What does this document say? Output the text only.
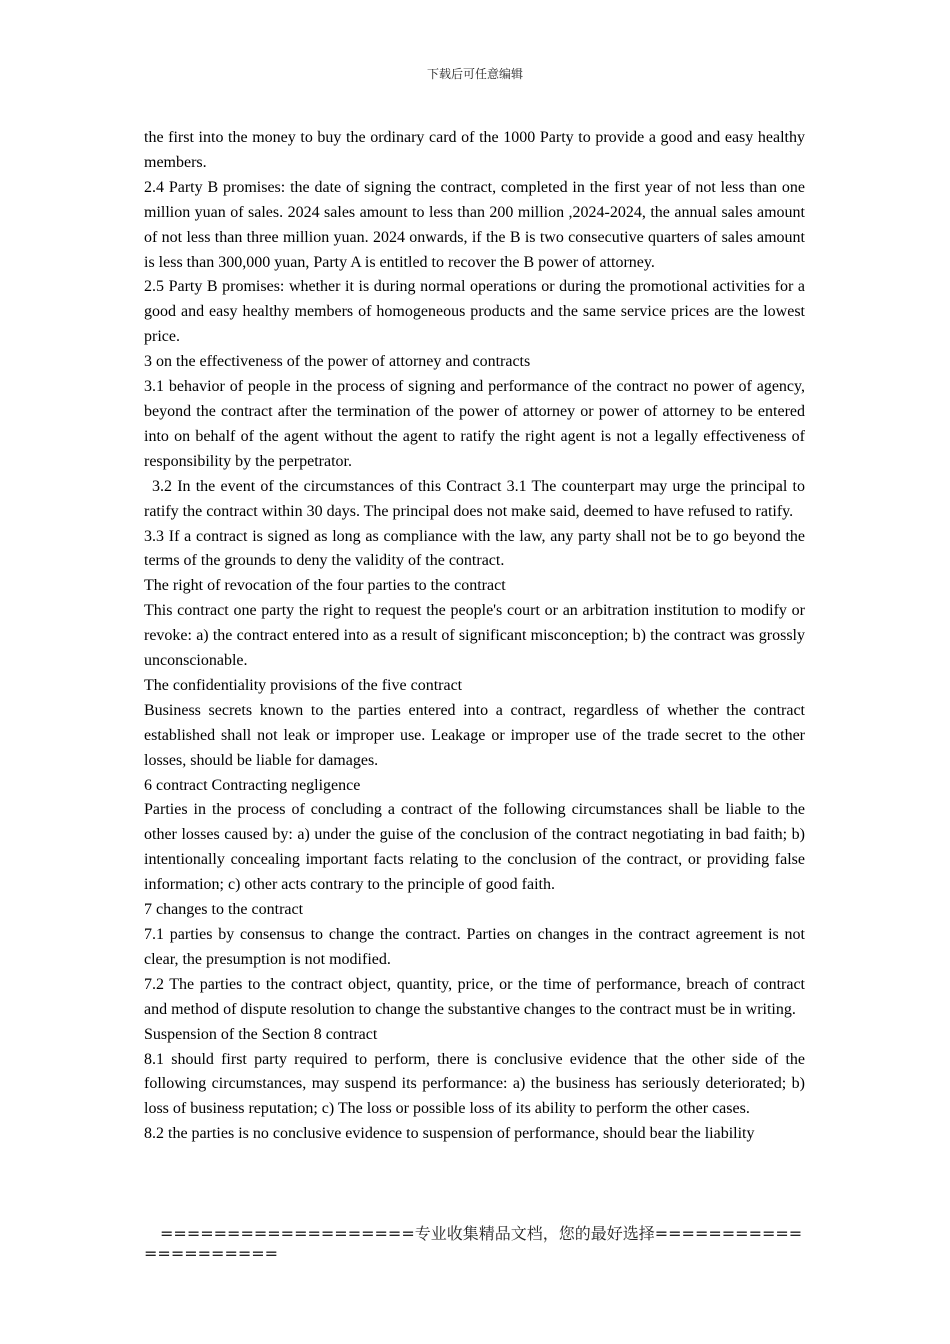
下载后可任意编辑

the first into the money to buy the ordinary card of the 1000 Party to provide a good and easy healthy members.

2.4 Party B promises: the date of signing the contract, completed in the first year of not less than one million yuan of sales. 2024 sales amount to less than 200 million ,2024-2024, the annual sales amount of not less than three million yuan. 2024 onwards, if the B is two consecutive quarters of sales amount is less than 300,000 yuan, Party A is entitled to recover the B power of attorney.

2.5 Party B promises: whether it is during normal operations or during the promotional activities for a good and easy healthy members of homogeneous products and the same service prices are the lowest price.

3 on the effectiveness of the power of attorney and contracts

3.1 behavior of people in the process of signing and performance of the contract no power of agency, beyond the contract after the termination of the power of attorney or power of attorney to be entered into on behalf of the agent without the agent to ratify the right agent is not a legally effectiveness of responsibility by the perpetrator.

3.2 In the event of the circumstances of this Contract 3.1 The counterpart may urge the principal to ratify the contract within 30 days. The principal does not make said, deemed to have refused to ratify.

3.3 If a contract is signed as long as compliance with the law, any party shall not be to go beyond the terms of the grounds to deny the validity of the contract.

The right of revocation of the four parties to the contract

This contract one party the right to request the people's court or an arbitration institution to modify or revoke: a) the contract entered into as a result of significant misconception; b) the contract was grossly unconscionable.

The confidentiality provisions of the five contract

Business secrets known to the parties entered into a contract, regardless of whether the contract established shall not leak or improper use. Leakage or improper use of the trade secret to the other losses, should be liable for damages.

6 contract Contracting negligence

Parties in the process of concluding a contract of the following circumstances shall be liable to the other losses caused by: a) under the guise of the conclusion of the contract negotiating in bad faith; b) intentionally concealing important facts relating to the conclusion of the contract, or providing false information; c) other acts contrary to the principle of good faith.

7 changes to the contract

7.1 parties by consensus to change the contract. Parties on changes in the contract agreement is not clear, the presumption is not modified.

7.2 The parties to the contract object, quantity, price, or the time of performance, breach of contract and method of dispute resolution to change the substantive changes to the contract must be in writing.

Suspension of the Section 8 contract

8.1 should first party required to perform, there is conclusive evidence that the other side of the following circumstances, may suspend its performance: a) the business has seriously deteriorated; b) loss of business reputation; c) The loss or possible loss of its ability to perform the other cases.

8.2 the parties is no conclusive evidence to suspension of performance, should bear the liability

===================专业收集精品文档，您的最好选择=====================
